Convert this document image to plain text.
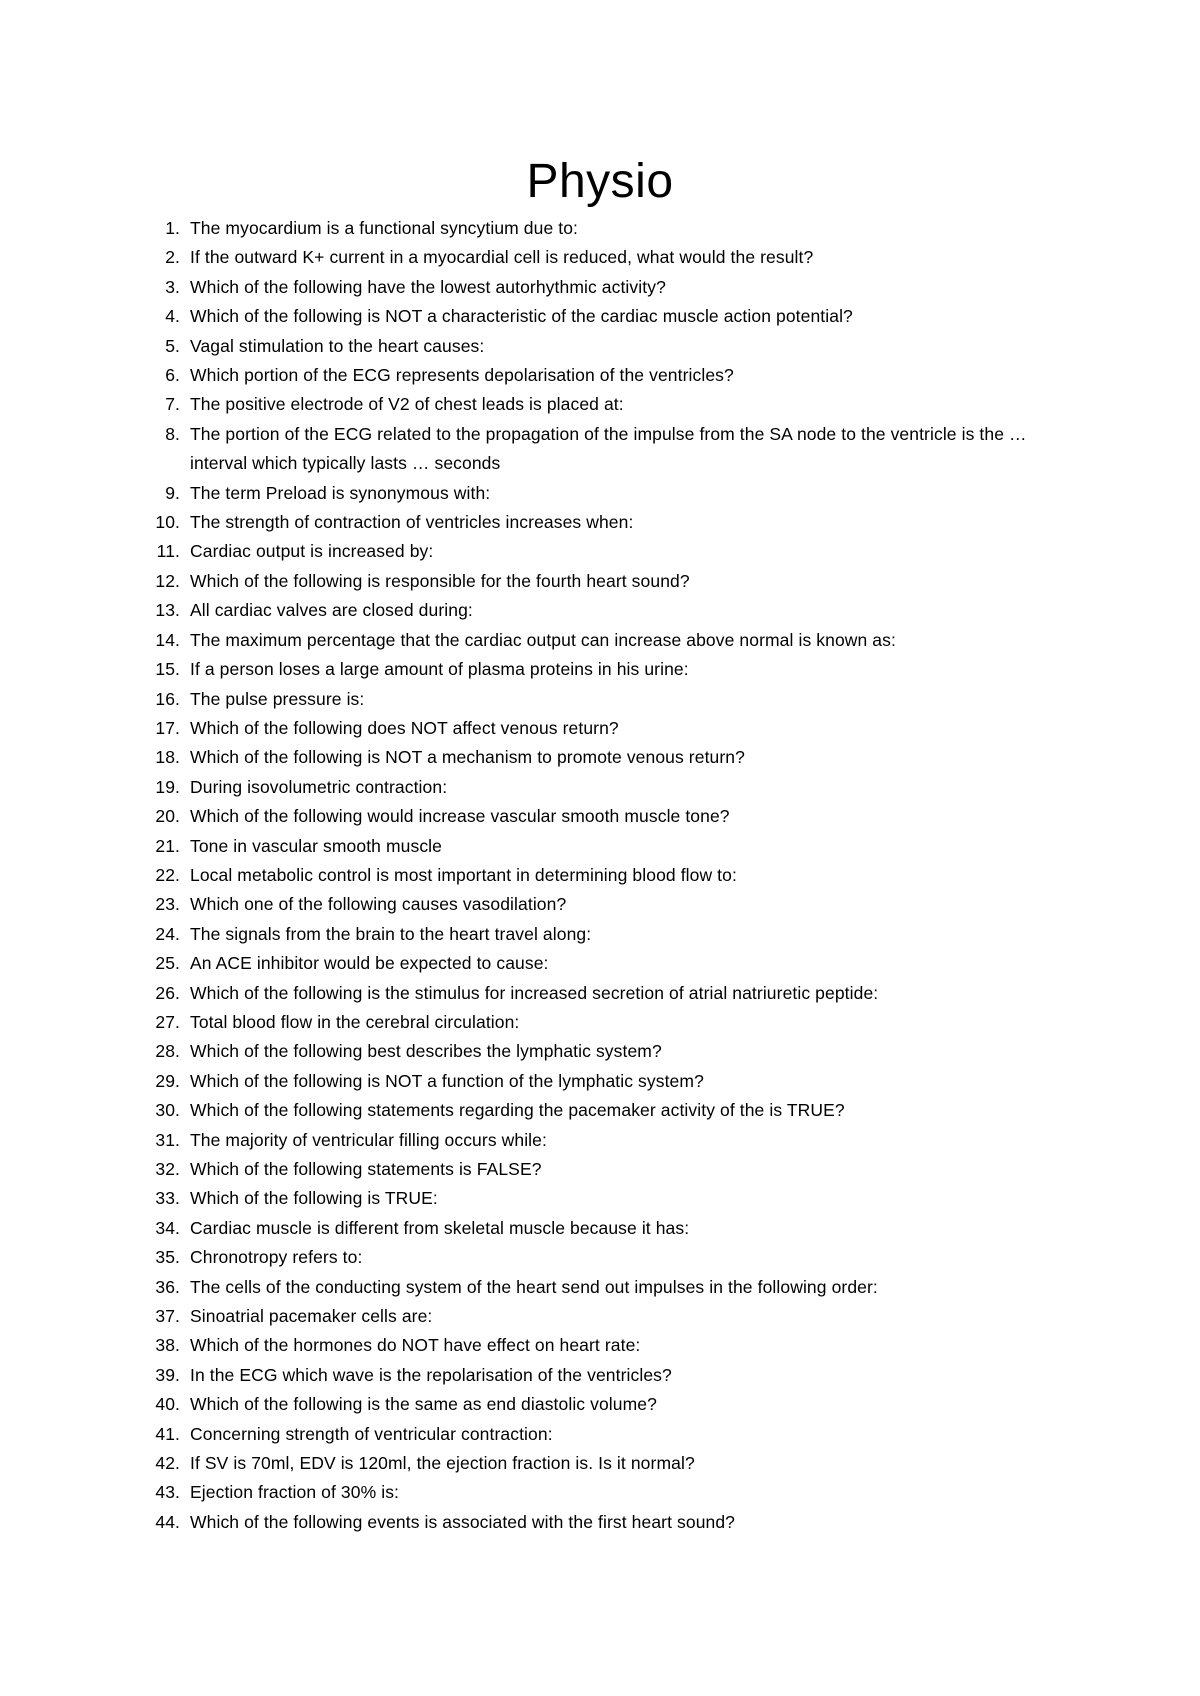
Physio
1. The myocardium is a functional syncytium due to:
2. If the outward K+ current in a myocardial cell is reduced, what would the result?
3. Which of the following have the lowest autorhythmic activity?
4. Which of the following is NOT a characteristic of the cardiac muscle action potential?
5. Vagal stimulation to the heart causes:
6. Which portion of the ECG represents depolarisation of the ventricles?
7. The positive electrode of V2 of chest leads is placed at:
8. The portion of the ECG related to the propagation of the impulse from the SA node to the ventricle is the … interval which typically lasts … seconds
9. The term Preload is synonymous with:
10. The strength of contraction of ventricles increases when:
11. Cardiac output is increased by:
12. Which of the following is responsible for the fourth heart sound?
13. All cardiac valves are closed during:
14. The maximum percentage that the cardiac output can increase above normal is known as:
15. If a person loses a large amount of plasma proteins in his urine:
16. The pulse pressure is:
17. Which of the following does NOT affect venous return?
18. Which of the following is NOT a mechanism to promote venous return?
19. During isovolumetric contraction:
20. Which of the following would increase vascular smooth muscle tone?
21. Tone in vascular smooth muscle
22. Local metabolic control is most important in determining blood flow to:
23. Which one of the following causes vasodilation?
24. The signals from the brain to the heart travel along:
25. An ACE inhibitor would be expected to cause:
26. Which of the following is the stimulus for increased secretion of atrial natriuretic peptide:
27. Total blood flow in the cerebral circulation:
28. Which of the following best describes the lymphatic system?
29. Which of the following is NOT a function of the lymphatic system?
30. Which of the following statements regarding the pacemaker activity of the is TRUE?
31. The majority of ventricular filling occurs while:
32. Which of the following statements is FALSE?
33. Which of the following is TRUE:
34. Cardiac muscle is different from skeletal muscle because it has:
35. Chronotropy refers to:
36. The cells of the conducting system of the heart send out impulses in the following order:
37. Sinoatrial pacemaker cells are:
38. Which of the hormones do NOT have effect on heart rate:
39. In the ECG which wave is the repolarisation of the ventricles?
40. Which of the following is the same as end diastolic volume?
41. Concerning strength of ventricular contraction:
42. If SV is 70ml, EDV is 120ml, the ejection fraction is. Is it normal?
43. Ejection fraction of 30% is:
44. Which of the following events is associated with the first heart sound?
